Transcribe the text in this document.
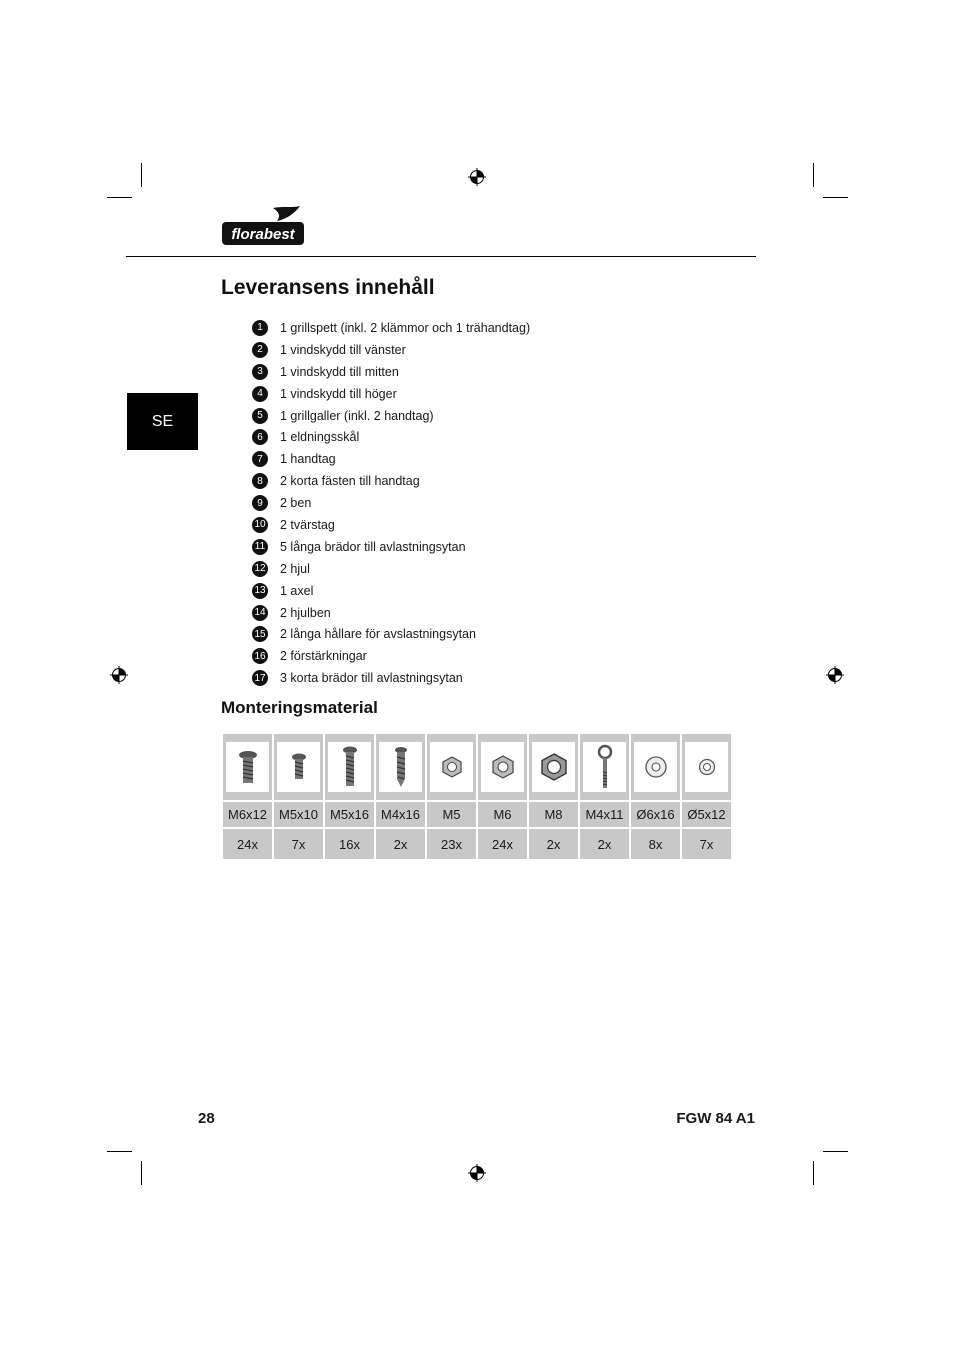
florabest
SE
Leveransens innehåll
1	1 grillspett (inkl. 2 klämmor och 1 trähandtag)
2	1 vindskydd till vänster
3	1 vindskydd till mitten
4	1 vindskydd till höger
5	1 grillgaller (inkl. 2 handtag)
6	1 eldningsskål
7	1 handtag
8	2 korta fästen till handtag
9	2 ben
10 2 tvärstag
11 5 långa brädor till avlastningsytan
12 2 hjul
13 1 axel
14 2 hjulben
15 2 långa hållare för avslastningsytan
16 2 förstärkningar
17 3 korta brädor till avlastningsytan
Monteringsmaterial

M6x12	M5x10	M5x16	M4x16	M5	M6	M8	M4x11	Ø6x16	Ø5x12
24x	7x	16x	2x	23x	24x	2x	2x	8x	7x
28	FGW 84 A1
